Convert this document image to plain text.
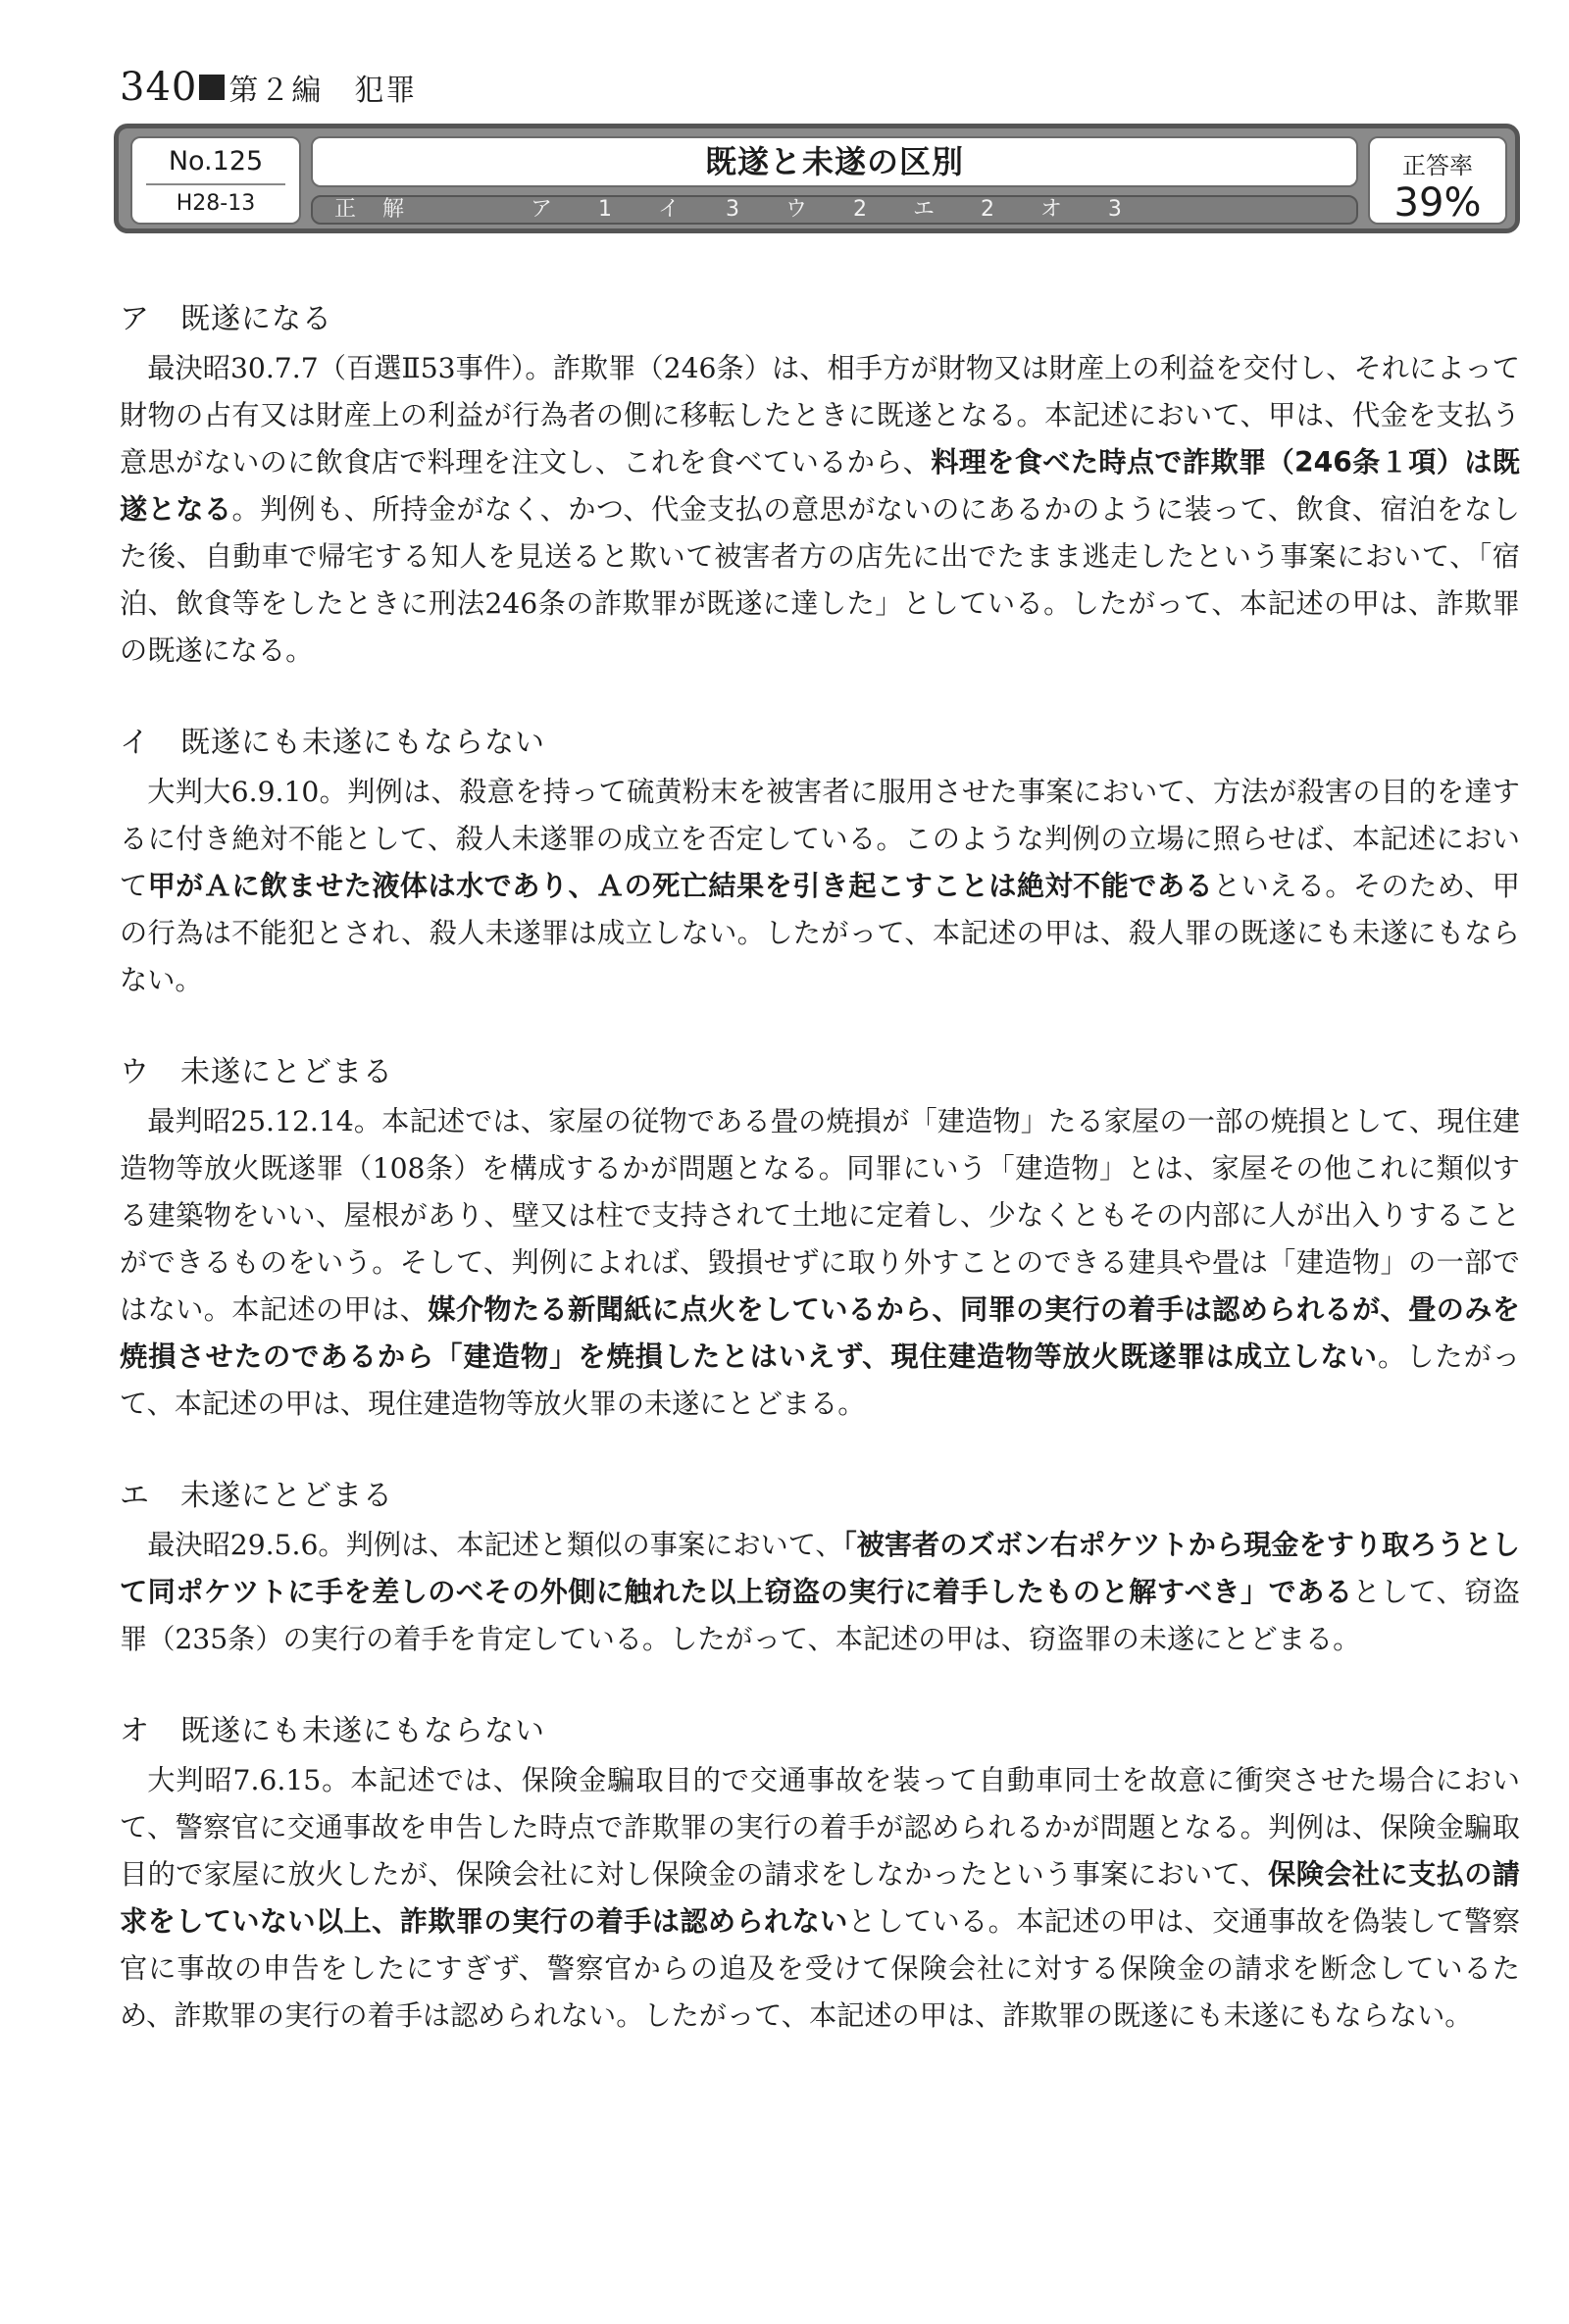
340 第２編　犯罪
No.125
H28-13
既遂と未遂の区別
正 解	ア 1 イ 3 ウ 2 エ 2 オ 3
正答率
39%
ア　既遂になる

最決昭30.7.7（百選Ⅱ53事件）。詐欺罪（246条）は、相手方が財物又は財産上の利益を交付し、それによって財物の占有又は財産上の利益が行為者の側に移転したときに既遂となる。本記述において、甲は、代金を支払う意思がないのに飲食店で料理を注文し、これを食べているから、料理を食べた時点で詐欺罪（246条１項）は既遂となる。判例も、所持金がなく、かつ、代金支払の意思がないのにあるかのように装って、飲食、宿泊をなした後、自動車で帰宅する知人を見送ると欺いて被害者方の店先に出でたまま逃走したという事案において、「宿泊、飲食等をしたときに刑法246条の詐欺罪が既遂に達した」としている。したがって、本記述の甲は、詐欺罪の既遂になる。

イ　既遂にも未遂にもならない

大判大6.9.10。判例は、殺意を持って硫黄粉末を被害者に服用させた事案において、方法が殺害の目的を達するに付き絶対不能として、殺人未遂罪の成立を否定している。このような判例の立場に照らせば、本記述において甲がＡに飲ませた液体は水であり、Ａの死亡結果を引き起こすことは絶対不能であるといえる。そのため、甲の行為は不能犯とされ、殺人未遂罪は成立しない。したがって、本記述の甲は、殺人罪の既遂にも未遂にもならない。

ウ　未遂にとどまる

最判昭25.12.14。本記述では、家屋の従物である畳の焼損が「建造物」たる家屋の一部の焼損として、現住建造物等放火既遂罪（108条）を構成するかが問題となる。同罪にいう「建造物」とは、家屋その他これに類似する建築物をいい、屋根があり、壁又は柱で支持されて土地に定着し、少なくともその内部に人が出入りすることができるものをいう。そして、判例によれば、毀損せずに取り外すことのできる建具や畳は「建造物」の一部ではない。本記述の甲は、媒介物たる新聞紙に点火をしているから、同罪の実行の着手は認められるが、畳のみを焼損させたのであるから「建造物」を焼損したとはいえず、現住建造物等放火既遂罪は成立しない。したがって、本記述の甲は、現住建造物等放火罪の未遂にとどまる。

エ　未遂にとどまる

最決昭29.5.6。判例は、本記述と類似の事案において、「被害者のズボン右ポケツトから現金をすり取ろうとして同ポケツトに手を差しのべその外側に触れた以上窃盗の実行に着手したものと解すべき」であるとして、窃盗罪（235条）の実行の着手を肯定している。したがって、本記述の甲は、窃盗罪の未遂にとどまる。

オ　既遂にも未遂にもならない

大判昭7.6.15。本記述では、保険金騙取目的で交通事故を装って自動車同士を故意に衝突させた場合において、警察官に交通事故を申告した時点で詐欺罪の実行の着手が認められるかが問題となる。判例は、保険金騙取目的で家屋に放火したが、保険会社に対し保険金の請求をしなかったという事案において、保険会社に支払の請求をしていない以上、詐欺罪の実行の着手は認められないとしている。本記述の甲は、交通事故を偽装して警察官に事故の申告をしたにすぎず、警察官からの追及を受けて保険会社に対する保険金の請求を断念しているため、詐欺罪の実行の着手は認められない。したがって、本記述の甲は、詐欺罪の既遂にも未遂にもならない。
